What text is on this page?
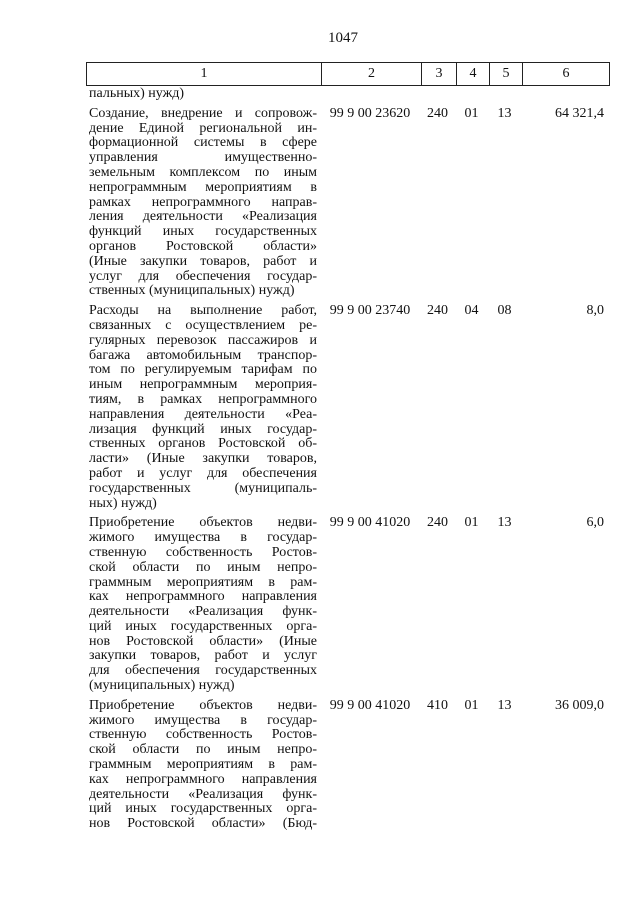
1047
1	2	3	4	5	6
пальных) нужд)
Создание, внедрение и сопровож-
дение Единой региональной ин-
формационной системы в сфере
управления имущественно-
земельным комплексом по иным
непрограммным мероприятиям в
рамках непрограммного направ-
ления деятельности «Реализация
функций иных государственных
органов Ростовской области»
(Иные закупки товаров, работ и
услуг для обеспечения государ-
ственных (муниципальных) нужд)
99 9 00 23620	240	01	13	64 321,4
Расходы на выполнение работ,
связанных с осуществлением ре-
гулярных перевозок пассажиров и
багажа автомобильным транспор-
том по регулируемым тарифам по
иным непрограммным мероприя-
тиям, в рамках непрограммного
направления деятельности «Реа-
лизация функций иных государ-
ственных органов Ростовской об-
ласти» (Иные закупки товаров,
работ и услуг для обеспечения
государственных (муниципаль-
ных) нужд)
99 9 00 23740	240	04	08	8,0
Приобретение объектов недви-
жимого имущества в государ-
ственную собственность Ростов-
ской области по иным непро-
граммным мероприятиям в рам-
ках непрограммного направления
деятельности «Реализация функ-
ций иных государственных орга-
нов Ростовской области» (Иные
закупки товаров, работ и услуг
для обеспечения государственных
(муниципальных) нужд)
99 9 00 41020	240	01	13	6,0
Приобретение объектов недви-
жимого имущества в государ-
ственную собственность Ростов-
ской области по иным непро-
граммным мероприятиям в рам-
ках непрограммного направления
деятельности «Реализация функ-
ций иных государственных орга-
нов Ростовской области» (Бюд-
99 9 00 41020	410	01	13	36 009,0
